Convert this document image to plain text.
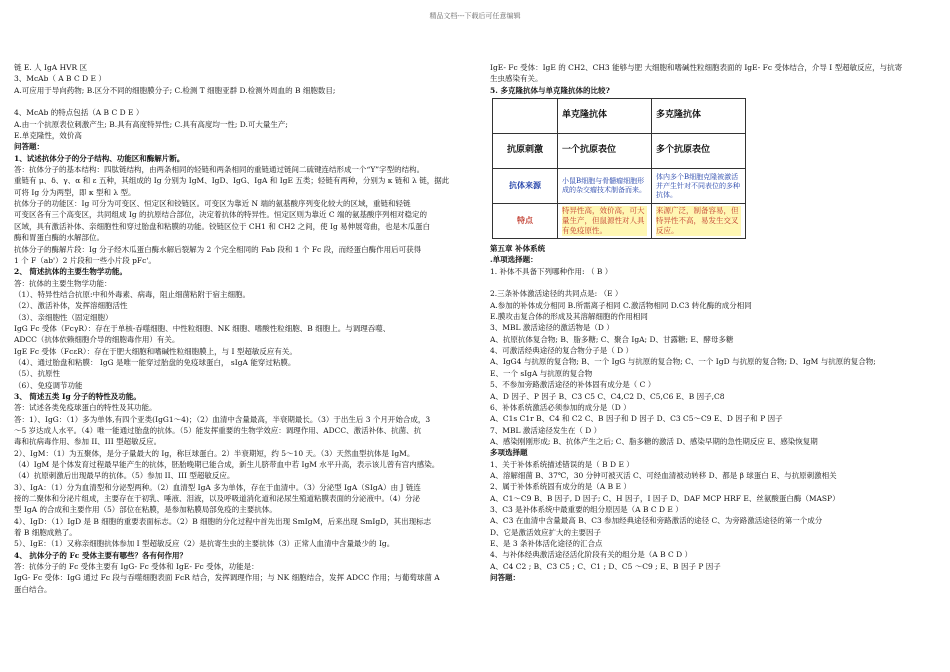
精品文档---下载后可任意编辑

链 E. 人 IgA HVR 区

3、McAb（ A B C D E ）

A.可应用于导向药物; B.区分不同的细胞膜分子; C.检测 T 细胞亚群 D.检测外周血的 B 细胞数目;

4、McAb 的特点包括（A B C D E ）

A.由一个抗原表位刺激产生; B.具有高度特异性; C.具有高度均一性; D.可大量生产;

E.单克隆性，效价高

问答题：

1、试述抗体分子的分子结构、功能区和酶解片断。

答：抗体分子的基本结构：四肽链结构，由两条相同的轻链和两条相同的重链通过链间二硫键连结形成一个“Y”字型的结构。

重链有 μ、δ、γ、α 和 ε 五种，其组成的 Ig 分别为 IgM、IgD、IgG、IgA 和 IgE 五类；轻链有两种，分别为 κ 链和 λ 链，据此

可将 Ig 分为两型，即 κ 型和 λ 型。

抗体分子的功能区：Ig 可分为可变区、恒定区和铰链区。可变区为靠近 N 端的氨基酸序列变化较大的区域，重链和轻链

可变区各有三个高变区，共同组成 Ig 的抗原结合部位，决定着抗体的特异性。恒定区则为靠近 C 端的氨基酸序列相对稳定的

区域，具有激活补体、亲细胞性和穿过胎盘和粘膜的功能。铰链区位于 CH1 和 CH2 之间，使 Ig 易伸展弯曲，也是木瓜蛋白

酶和胃蛋白酶的水解部位。

抗体分子的酶解片段：Ig 分子经木瓜蛋白酶水解后裂解为 2 个完全相同的 Fab 段和 1 个 Fc 段，而经蛋白酶作用后可获得

1 个 F（ab'）2 片段和一些小片段 pFc'。

2、 简述抗体的主要生物学功能。

答：抗体的主要生物学功能：

（1）、特异性结合抗原:中和外毒素、病毒，阻止细菌粘附于宿主细胞。

（2）、激活补体，发挥溶细胞活性

（3）、亲细胞性（固定细胞）

IgG Fc 受体（FcγR）：存在于单核-吞噬细胞、中性粒细胞、NK 细胞、嗜酸性粒细胞、B 细胞上。与调理吞噬、

ADCC（抗体依赖细胞介导的细胞毒作用）有关。

IgE Fc 受体（FcεR）：存在于肥大细胞和嗜碱性粒细胞膜上，与 I 型超敏反应有关。

（4）、通过胎盘和粘膜： IgG 是唯一能穿过胎盘的免疫球蛋白， sIgA 能穿过粘膜。

（5）、抗原性

（6）、免疫调节功能

3、 简述五类 Ig 分子的特性及功能。

答：试述各类免疫球蛋白的特性及其功能。

答：1）、IgG：（1）多为单体,有四个亚类(IgG1～4)；（2）血清中含量最高，半衰期最长。（3）于出生后 3 个月开始合成，3

～5 岁达成人水平。（4）唯一能通过胎盘的抗体。（5）能发挥重要的生物学效应：调理作用、ADCC、激活补体、抗菌、抗

毒和抗病毒作用、参加 II、III 型超敏反应。

2）、IgM：（1）为五聚体，是分子量最大的 Ig，称巨球蛋白。2）半衰期短，约 5～10 天。（3）天然血型抗体是 IgM。

（4）IgM 是个体发育过程最早能产生的抗体，胚胎晚期已能合成，新生儿脐带血中若 IgM 水平升高，表示该儿曾有宫内感染。

（4）抗原刺激后出现最早的抗体。（5）参加 II、III 型超敏反应。

3）、IgA：（1）分为血清型和分泌型两种。（2）血清型 IgA 多为单体，存在于血清中。（3）分泌型 IgA（SIgA）由 J 链连

接的二聚体和分泌片组成，主要存在于初乳、唾液、泪液，以及呼吸道消化道和泌尿生殖道粘膜表面的分泌液中。（4）分泌

型 IgA 的合成和主要作用（5）部位在粘膜，是参加粘膜局部免疫的主要抗体。

4）、IgD：（1）IgD 是 B 细胞的重要表面标志。（2）B 细胞的分化过程中首先出现 SmIgM，后来出现 SmIgD，其出现标志

着 B 细胞成熟了。

5）、IgE：（1）又称亲细胞抗体参加 I 型超敏反应（2）是抗寄生虫的主要抗体（3）正常人血清中含量最少的 Ig。

4、 抗体分子的 Fc 受体主要有哪些？各有何作用？

答：抗体分子的 Fc 受体主要有 IgG- Fc 受体和 IgE- Fc 受体，功能是：

IgG- Fc 受体：IgG 通过 Fc 段与吞噬细胞表面 FcR 结合，发挥调理作用；与 NK 细胞结合，发挥 ADCC 作用；与葡萄球菌 A

蛋白结合。

IgE- Fc 受体：IgE 的 CH2、CH3 能够与肥 大细胞和嗜碱性粒细胞表面的 IgE- Fc 受体结合，介导 I 型超敏反应，与抗寄

生虫感染有关。

5. 多克隆抗体与单克隆抗体的比较?

	单克隆抗体	多克隆抗体
抗原刺激	一个抗原表位	多个抗原表位
抗体来源	小鼠B细胞与骨髓瘤细胞形成的杂交瘤技术制备而来。	体内多个B细胞克隆被激活并产生针对不同表位的多种抗体。

特点	特异性高，效价高，可大量生产，但鼠源性对人具有免疫原性。	来源广泛，制备容易，但特异性不高，易发生交叉反应。

第五章 补体系统

.单项选择题：

1. 补体不具备下列哪种作用: （ B ）

2.三条补体激活途径的共同点是: （E ）

A.参加的补体成分相同 B.所需离子相同 C.激活物相同 D.C3 转化酶的成分相同

E.膜攻击复合体的形成及其溶解细胞的作用相同

3、MBL 激活途径的激活物是（D ）

A、抗原抗体复合物; B、脂多糖; C、聚合 IgA; D、甘露糖; E、酵母多糖

4、可激活经典途径的复合物分子是（ D ）

A、IgG4 与抗原的复合物; B、一个 IgG 与抗原的复合物; C、一个 IgD 与抗原的复合物; D、IgM 与抗原的复合物;

E、一个 sIgA 与抗原的复合物

5、不参加旁路激活途径的补体固有成分是（ C ）

A、D 因子、P 因子 B、C3 C5 C、C4,C2 D、C5,C6 E、B 因子,C8

6、补体系统激活必须参加的成分是（D ）

A、C1s C1r B、C4 和 C2 C、B 因子和 D 因子 D、C3 C5～C9 E、D 因子和 P 因子

7、MBL 激活途径发生在（ D ）

A、感染刚刚形成; B、抗体产生之后; C、脂多糖的激活 D、感染早期的急性期反应 E、感染恢复期

多项选择题

1、关于补体系统描述错误的是（ B D E ）

A、溶解细菌 B、37℃，30 分钟可被灭活 C、可经血清被动转移 D、都是 β 球蛋白 E、与抗原刺激相关

2、属于补体系统固有成分的是（A B E ）

A、C1～C9 B、B 因子, D 因子; C、H 因子，I 因子 D、DAF MCP HRF E、丝氨酸蛋白酶（MASP）

3、C3 是补体系统中最重要的组分原因是（A B C D E ）

A、C3 在血清中含量最高 B、C3 参加经典途径和旁路激活的途径 C、为旁路激活途径的第一个成分

D、它是激活效应扩大的主要因子

E、是 3 条补体活化途径的汇合点

4、与补体经典激活途径活化阶段有关的组分是（A B C D ）

A、C4 C2 ; B、C3 C5 ; C、C1 ; D、C5 ～C9 ; E、B 因子 P 因子

问答题：
